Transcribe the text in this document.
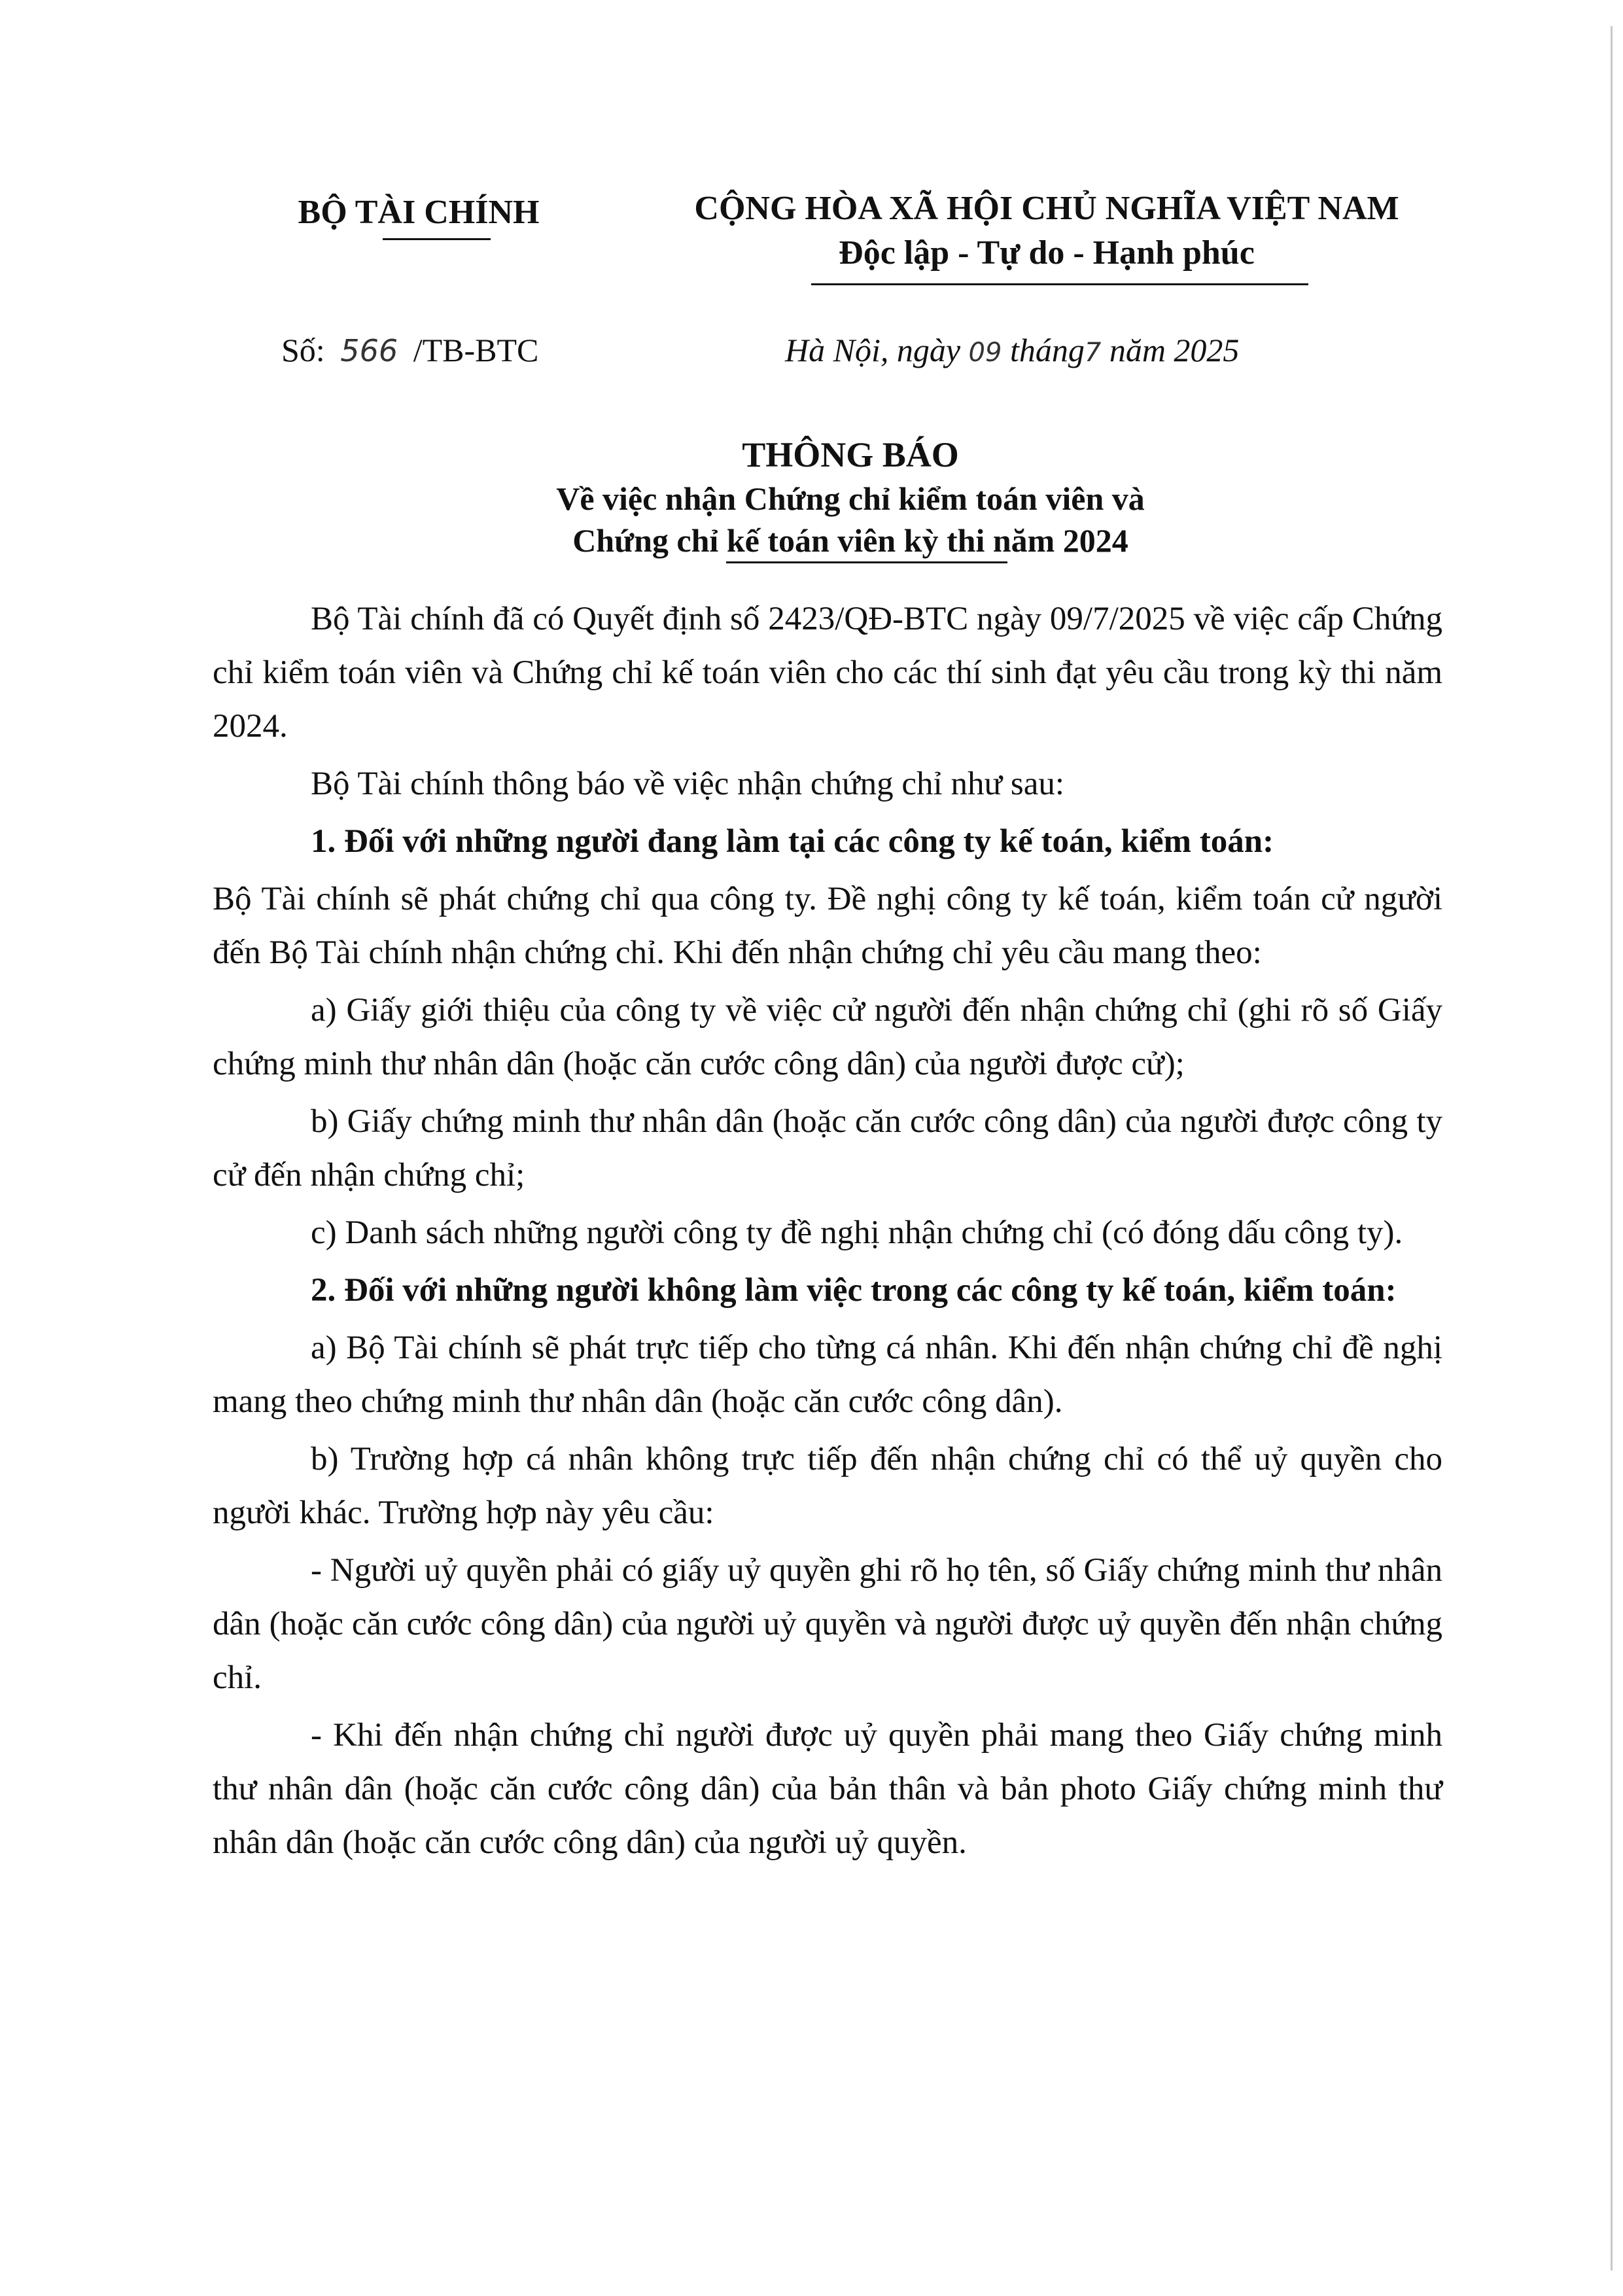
BỘ TÀI CHÍNH	CỘNG HÒA XÃ HỘI CHỦ NGHĨA VIỆT NAM
Độc lập - Tự do - Hạnh phúc
Số: 566 /TB-BTC	Hà Nội, ngày 09 tháng7 năm 2025
THÔNG BÁO
Về việc nhận Chứng chỉ kiểm toán viên và
Chứng chỉ kế toán viên kỳ thi năm 2024

Bộ Tài chính đã có Quyết định số 2423/QĐ-BTC ngày 09/7/2025 về việc cấp Chứng chỉ kiểm toán viên và Chứng chỉ kế toán viên cho các thí sinh đạt yêu cầu trong kỳ thi năm 2024.

Bộ Tài chính thông báo về việc nhận chứng chỉ như sau:

1. Đối với những người đang làm tại các công ty kế toán, kiểm toán:

Bộ Tài chính sẽ phát chứng chỉ qua công ty. Đề nghị công ty kế toán, kiểm toán cử người đến Bộ Tài chính nhận chứng chỉ. Khi đến nhận chứng chỉ yêu cầu mang theo:

a) Giấy giới thiệu của công ty về việc cử người đến nhận chứng chỉ (ghi rõ số Giấy chứng minh thư nhân dân (hoặc căn cước công dân) của người được cử);

b) Giấy chứng minh thư nhân dân (hoặc căn cước công dân) của người được công ty cử đến nhận chứng chỉ;

c) Danh sách những người công ty đề nghị nhận chứng chỉ (có đóng dấu công ty).

2. Đối với những người không làm việc trong các công ty kế toán, kiểm toán:

a) Bộ Tài chính sẽ phát trực tiếp cho từng cá nhân. Khi đến nhận chứng chỉ đề nghị mang theo chứng minh thư nhân dân (hoặc căn cước công dân).

b) Trường hợp cá nhân không trực tiếp đến nhận chứng chỉ có thể uỷ quyền cho người khác. Trường hợp này yêu cầu:

- Người uỷ quyền phải có giấy uỷ quyền ghi rõ họ tên, số Giấy chứng minh thư nhân dân (hoặc căn cước công dân) của người uỷ quyền và người được uỷ quyền đến nhận chứng chỉ.

- Khi đến nhận chứng chỉ người được uỷ quyền phải mang theo Giấy chứng minh thư nhân dân (hoặc căn cước công dân) của bản thân và bản photo Giấy chứng minh thư nhân dân (hoặc căn cước công dân) của người uỷ quyền.
